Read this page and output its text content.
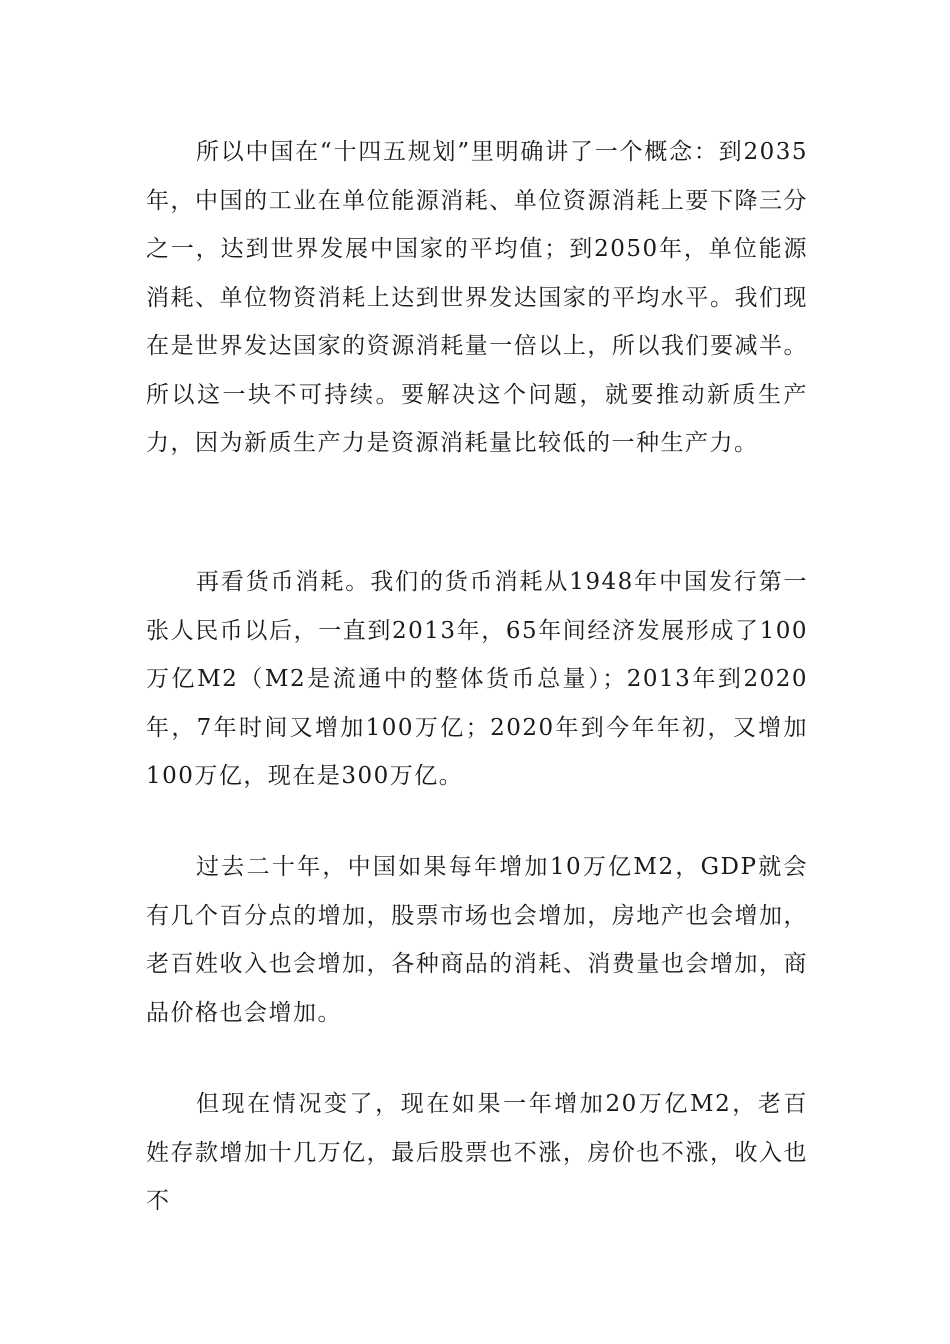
所以中国在“十四五规划”里明确讲了一个概念：到2035年，中国的工业在单位能源消耗、单位资源消耗上要下降三分之一，达到世界发展中国家的平均值；到2050年，单位能源消耗、单位物资消耗上达到世界发达国家的平均水平。我们现在是世界发达国家的资源消耗量一倍以上，所以我们要减半。所以这一块不可持续。要解决这个问题，就要推动新质生产力，因为新质生产力是资源消耗量比较低的一种生产力。

再看货币消耗。我们的货币消耗从1948年中国发行第一张人民币以后，一直到2013年，65年间经济发展形成了100万亿M2（M2是流通中的整体货币总量）；2013年到2020年，7年时间又增加100万亿；2020年到今年年初，又增加100万亿，现在是300万亿。

过去二十年，中国如果每年增加10万亿M2，GDP就会有几个百分点的增加，股票市场也会增加，房地产也会增加，老百姓收入也会增加，各种商品的消耗、消费量也会增加，商品价格也会增加。

但现在情况变了，现在如果一年增加20万亿M2，老百姓存款增加十几万亿，最后股票也不涨，房价也不涨，收入也不
